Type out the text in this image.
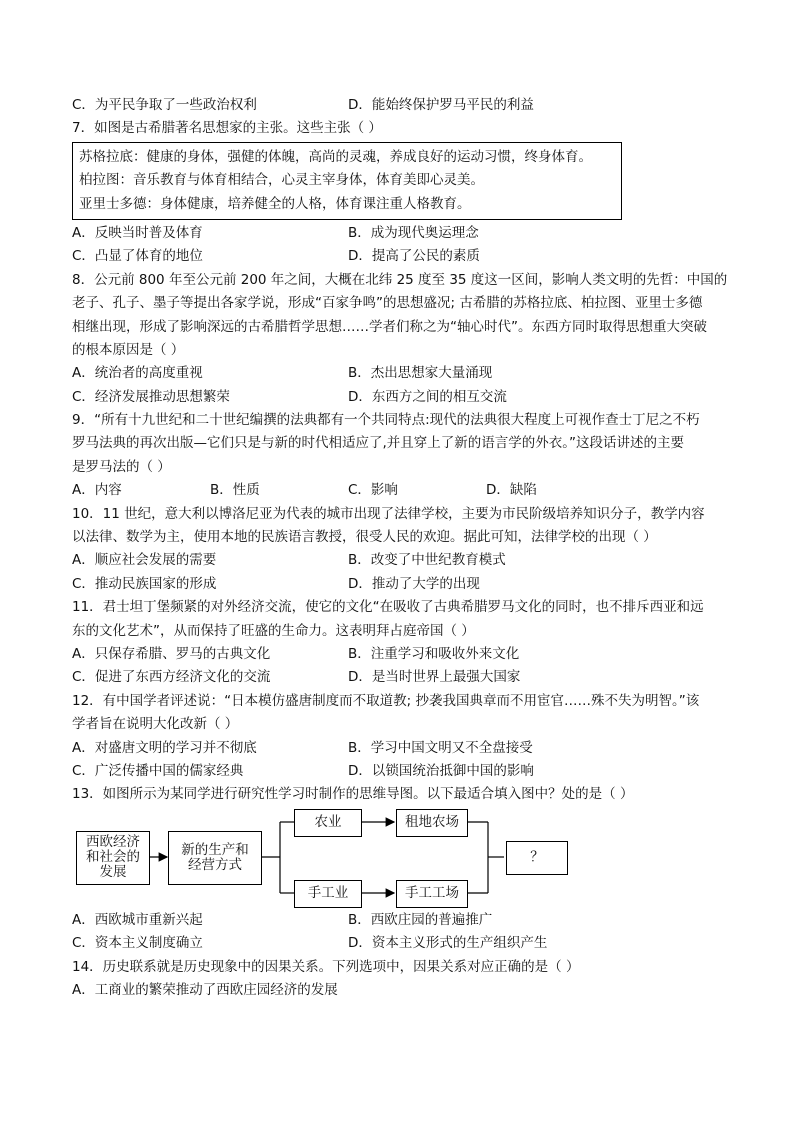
C．为平民争取了一些政治权利	D．能始终保护罗马平民的利益
7．如图是古希腊著名思想家的主张。这些主张（ ）
苏格拉底：健康的身体，强健的体魄，高尚的灵魂，养成良好的运动习惯，终身体育。
柏拉图：音乐教育与体育相结合，心灵主宰身体，体育美即心灵美。
亚里士多德：身体健康，培养健全的人格，体育课注重人格教育。
A．反映当时普及体育	B．成为现代奥运理念
C．凸显了体育的地位	D．提高了公民的素质
8．公元前 800 年至公元前 200 年之间，大概在北纬 25 度至 35 度这一区间，影响人类文明的先哲：中国的
老子、孔子、墨子等提出各家学说，形成“百家争鸣”的思想盛况; 古希腊的苏格拉底、柏拉图、亚里士多德
相继出现，形成了影响深远的古希腊哲学思想……学者们称之为“轴心时代”。东西方同时取得思想重大突破
的根本原因是（ ）
A．统治者的高度重视	B．杰出思想家大量涌现
C．经济发展推动思想繁荣	D．东西方之间的相互交流
9．“所有十九世纪和二十世纪编撰的法典都有一个共同特点:现代的法典很大程度上可视作查士丁尼之不朽
罗马法典的再次出版—它们只是与新的时代相适应了,并且穿上了新的语言学的外衣。”这段话讲述的主要
是罗马法的（ ）
A．内容	B．性质	C．影响	D．缺陷
10．11 世纪，意大利以博洛尼亚为代表的城市出现了法律学校，主要为市民阶级培养知识分子，教学内容
以法律、数学为主，使用本地的民族语言教授，很受人民的欢迎。据此可知，法律学校的出现（ ）
A．顺应社会发展的需要	B．改变了中世纪教育模式
C．推动民族国家的形成	D．推动了大学的出现
11．君士坦丁堡频紧的对外经济交流，使它的文化“在吸收了古典希腊罗马文化的同时，也不排斥西亚和远
东的文化艺术”，从而保持了旺盛的生命力。这表明拜占庭帝国（ ）
A．只保存希腊、罗马的古典文化	B．注重学习和吸收外来文化
C．促进了东西方经济文化的交流	D．是当时世界上最强大国家
12．有中国学者评述说：“日本模仿盛唐制度而不取道教; 抄袭我国典章而不用宦官……殊不失为明智。”该
学者旨在说明大化改新（ ）
A．对盛唐文明的学习并不彻底	B．学习中国文明又不全盘接受
C．广泛传播中国的儒家经典	D．以锁国统治抵御中国的影响
13．如图所示为某同学进行研究性学习时制作的思维导图。以下最适合填入图中？处的是（ ）
西欧经济
和社会的
发展
新的生产和
经营方式
农业	租地农场
手工业	手工工场
？
A．西欧城市重新兴起	B．西欧庄园的普遍推广
C．资本主义制度确立	D．资本主义形式的生产组织产生
14．历史联系就是历史现象中的因果关系。下列选项中，因果关系对应正确的是（ ）
A．工商业的繁荣推动了西欧庄园经济的发展
